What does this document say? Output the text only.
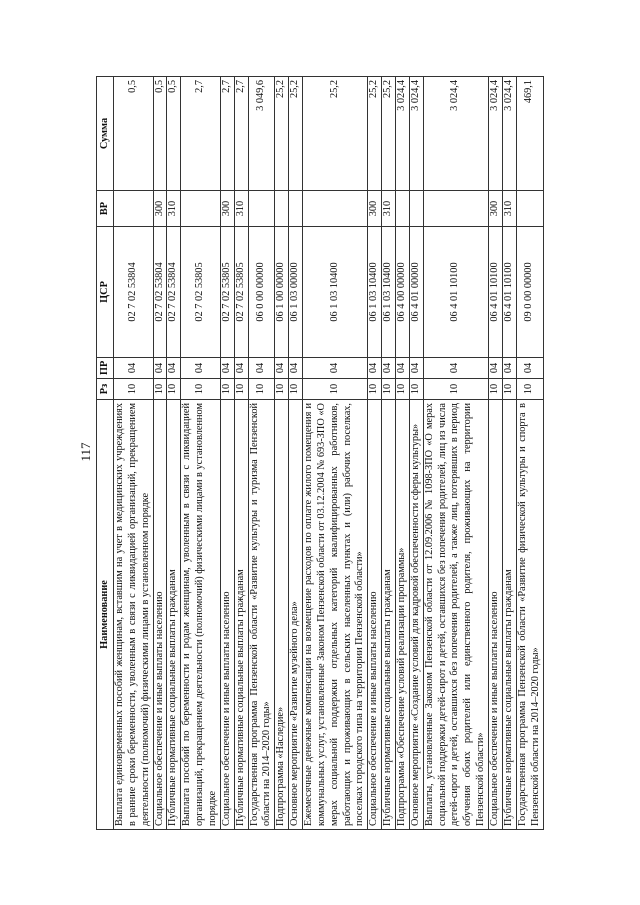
117
Наименование	Рз	ПР	ЦСР	ВР	Сумма
Выплата единовременных пособий женщинам, вставшим на учет в медицинских учреждениях в ранние сроки беременности, уволенным в связи с ликвидацией организаций, прекращением деятельности (полномочий) физическими лицами в установленном порядке	10	04	02 7 02 53804		0,5
Социальное обеспечение и иные выплаты населению	10	04	02 7 02 53804	300	0,5
Публичные нормативные социальные выплаты гражданам	10	04	02 7 02 53804	310	0,5
Выплата пособий по беременности и родам женщинам, уволенным в связи с ликвидацией организаций, прекращением деятельности (полномочий) физическими лицами в установленном порядке	10	04	02 7 02 53805		2,7
Социальное обеспечение и иные выплаты населению	10	04	02 7 02 53805	300	2,7
Публичные нормативные социальные выплаты гражданам	10	04	02 7 02 53805	310	2,7
Государственная программа Пензенской области «Развитие культуры и туризма Пензенской области на 2014–2020 годы»	10	04	06 0 00 00000		3 049,6
Подпрограмма «Наследие»	10	04	06 1 00 00000		25,2
Основное мероприятие «Развитие музейного дела»	10	04	06 1 03 00000		25,2
Ежемесячные денежные компенсации на возмещение расходов по оплате жилого помещения и коммунальных услуг, установленные Законом Пензенской области от 03.12.2004 № 693-ЗПО «О мерах социальной поддержки отдельных категорий квалифицированных работников, работающих и проживающих в сельских населенных пунктах и (или) рабочих поселках, поселках городского типа на территории Пензенской области»	10	04	06 1 03 10400		25,2
Социальное обеспечение и иные выплаты населению	10	04	06 1 03 10400	300	25,2
Публичные нормативные социальные выплаты гражданам	10	04	06 1 03 10400	310	25,2
Подпрограмма «Обеспечение условий реализации программы»	10	04	06 4 00 00000		3 024,4
Основное мероприятие «Создание условий для кадровой обеспеченности сферы культуры»	10	04	06 4 01 00000		3 024,4
Выплаты, установленные Законом Пензенской области от 12.09.2006 № 1098-ЗПО «О мерах социальной поддержки детей-сирот и детей, оставшихся без попечения родителей, лиц из числа детей-сирот и детей, оставшихся без попечения родителей, а также лиц, потерявших в период обучения обоих родителей или единственного родителя, проживающих на территории Пензенской области»	10	04	06 4 01 10100		3 024,4
Социальное обеспечение и иные выплаты населению	10	04	06 4 01 10100	300	3 024,4
Публичные нормативные социальные выплаты гражданам	10	04	06 4 01 10100	310	3 024,4
Государственная программа Пензенской области «Развитие физической культуры и спорта в Пензенской области на 2014–2020 годы»	10	04	09 0 00 00000		469,1
